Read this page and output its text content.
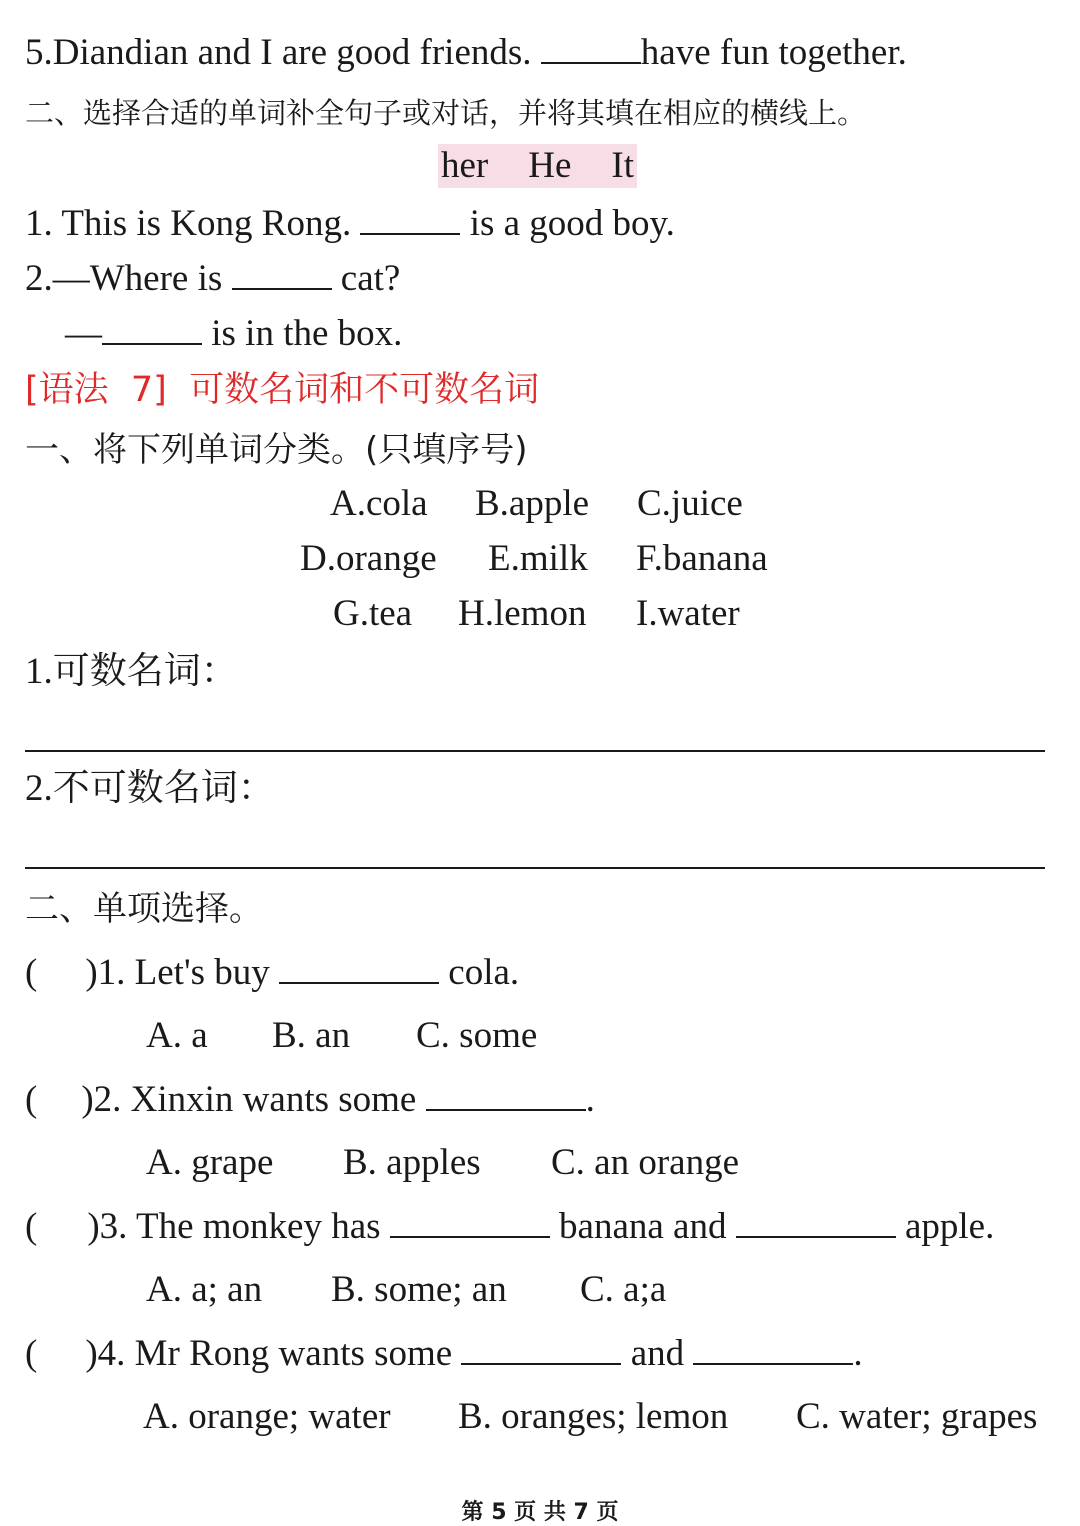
5.Diandian and I are good friends.	have fun together.
二、选择合适的单词补全句子或对话，并将其填在相应的横线上。
her He It
1. This is Kong Rong.	is a good boy.
2.—Where is	cat?
—	is in the box.
[语法  7]  可数名词和不可数名词
一、将下列单词分类。(只填序号)
A.cola B.apple C.juice
D.orange E.milk F.banana
G.tea H.lemon I.water
1.可数名词：
2.不可数名词：
二、单项选择。
( )1. Let's buy	cola.
A. a B. an C. some
( )2. Xinxin wants some	.
A. grape B. apples C. an orange
( )3. The monkey has	banana and	apple.
A. a; an B. some; an C. a;a
( )4. Mr Rong wants some	and	.
A. orange; water B. oranges; lemon C. water; grapes
第 5 页 共 7 页
